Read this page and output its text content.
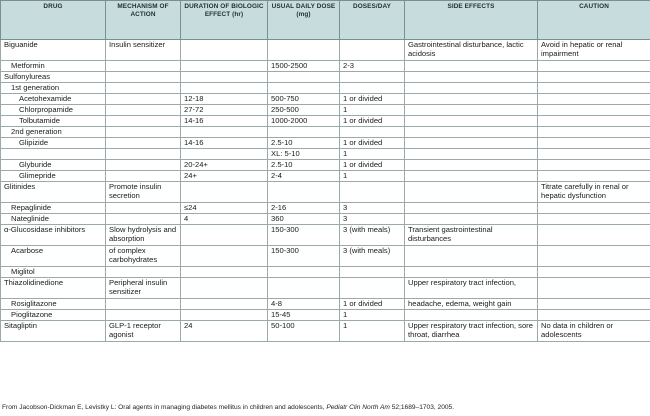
DRUG	MECHANISM OF ACTION	DURATION OF BIOLOGIC EFFECT (hr)	USUAL DAILY DOSE (mg)	DOSES/DAY	SIDE EFFECTS	CAUTION
Biguanide	Insulin sensitizer				Gastrointestinal disturbance, lactic acidosis	Avoid in hepatic or renal impairment
Metformin			1500-2500	2-3		
Sulfonylureas						
1st generation						
Acetohexamide		12-18	500-750	1 or divided		
Chlorpropamide		27-72	250-500	1		
Tolbutamide		14-16	1000-2000	1 or divided		
2nd generation						
Glipizide		14-16	2.5-10	1 or divided		
			XL: 5-10	1		
Glyburide		20-24+	2.5-10	1 or divided		
Glimepride		24+	2-4	1		
Glitinides	Promote insulin secretion					Titrate carefully in renal or hepatic dysfunction
Repaglinide		≤24	2-16	3		
Nateglinide		4	360	3		
α-Glucosidase inhibitors	Slow hydrolysis and absorption		150-300	3 (with meals)	Transient gastrointestinal disturbances	
Acarbose	of complex carbohydrates		150-300	3 (with meals)		
Miglitol						
Thiazolidinedione	Peripheral insulin sensitizer				Upper respiratory tract infection,	
Rosiglitazone			4-8	1 or divided	headache, edema, weight gain	
Pioglitazone			15-45	1		
Sitagliptin	GLP-1 receptor agonist	24	50-100	1	Upper respiratory tract infection, sore throat, diarrhea	No data in children or adolescents
From Jacobson-Dickman E, Levistky L: Oral agents in managing diabetes mellitus in children and adolescents, Pediatr Clin North Am 52;1689–1703, 2005.
